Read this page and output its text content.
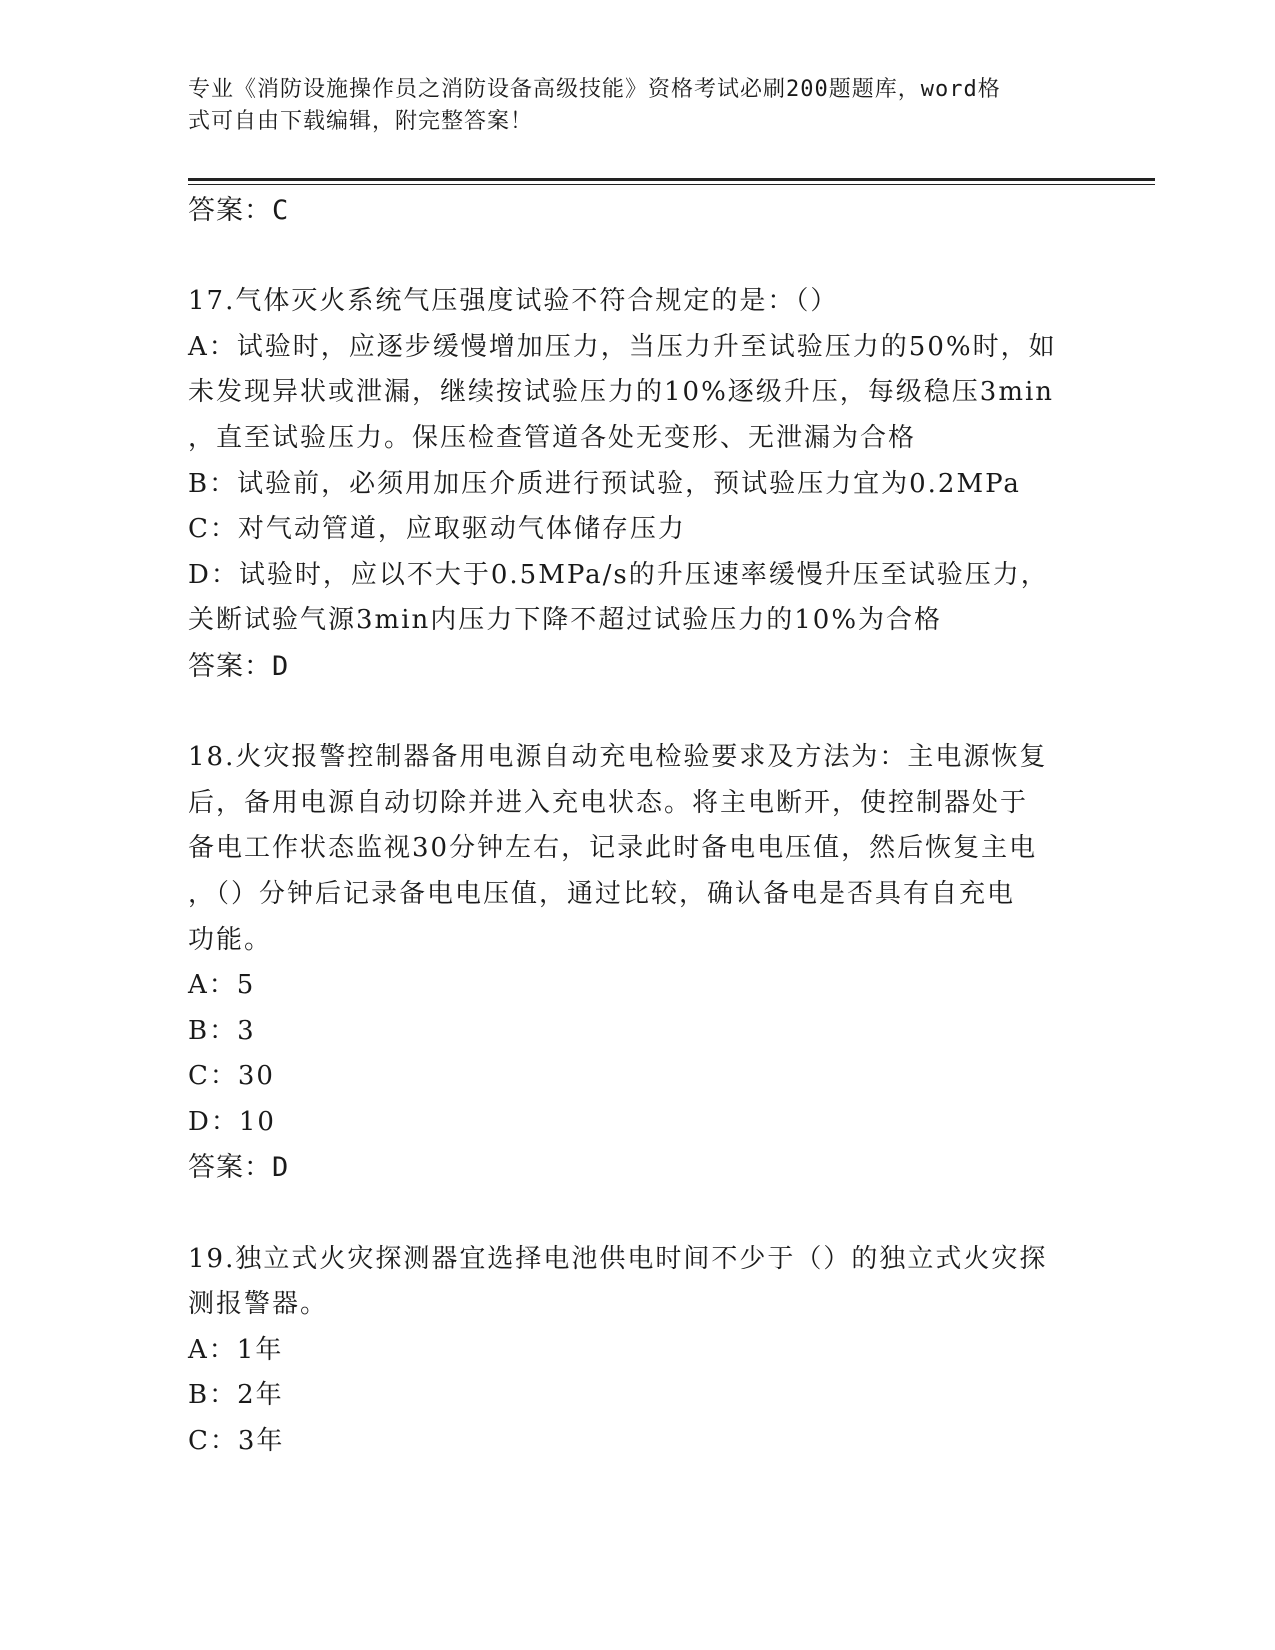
专业《消防设施操作员之消防设备高级技能》资格考试必刷200题题库，word格
式可自由下载编辑，附完整答案！
答案：C
17.气体灭火系统气压强度试验不符合规定的是：（）
A：试验时，应逐步缓慢增加压力，当压力升至试验压力的50%时，如
未发现异状或泄漏，继续按试验压力的10%逐级升压，每级稳压3min
，直至试验压力。保压检查管道各处无变形、无泄漏为合格
B：试验前，必须用加压介质进行预试验，预试验压力宜为0.2MPa
C：对气动管道，应取驱动气体储存压力
D：试验时，应以不大于0.5MPa/s的升压速率缓慢升压至试验压力，
关断试验气源3min内压力下降不超过试验压力的10%为合格
答案：D
18.火灾报警控制器备用电源自动充电检验要求及方法为：主电源恢复
后，备用电源自动切除并进入充电状态。将主电断开，使控制器处于
备电工作状态监视30分钟左右，记录此时备电电压值，然后恢复主电
，（）分钟后记录备电电压值，通过比较，确认备电是否具有自充电
功能。
A：5
B：3
C：30
D：10
答案：D
19.独立式火灾探测器宜选择电池供电时间不少于（）的独立式火灾探
测报警器。
A：1年
B：2年
C：3年
